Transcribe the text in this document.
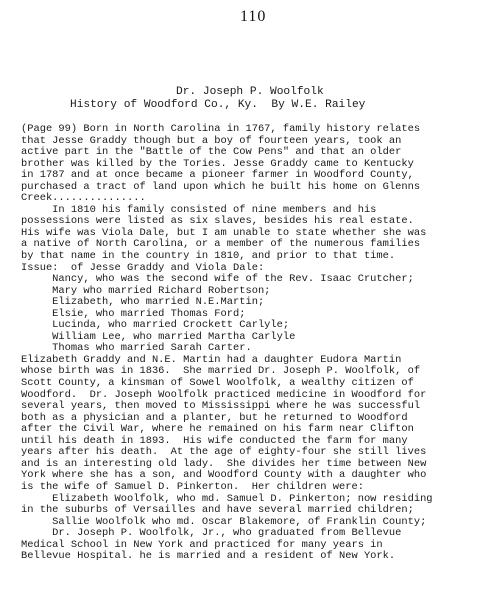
110
Dr. Joseph P. Woolfolk
History of Woodford Co., Ky.  By W.E. Railey
(Page 99) Born in North Carolina in 1767, family history relates
that Jesse Graddy though but a boy of fourteen years, took an
active part in the "Battle of the Cow Pens" and that an older
brother was killed by the Tories. Jesse Graddy came to Kentucky
in 1787 and at once became a pioneer farmer in Woodford County,
purchased a tract of land upon which he built his home on Glenns
Creek...............
In 1810 his family consisted of nine members and his
possessions were listed as six slaves, besides his real estate.
His wife was Viola Dale, but I am unable to state whether she was
a native of North Carolina, or a member of the numerous families
by that name in the country in 1810, and prior to that time.
Issue:  of Jesse Graddy and Viola Dale:
Nancy, who was the second wife of the Rev. Isaac Crutcher;
Mary who married Richard Robertson;
Elizabeth, who married N.E.Martin;
Elsie, who married Thomas Ford;
Lucinda, who married Crockett Carlyle;
William Lee, who married Martha Carlyle
Thomas who married Sarah Carter.
Elizabeth Graddy and N.E. Martin had a daughter Eudora Martin
whose birth was in 1836.  She married Dr. Joseph P. Woolfolk, of
Scott County, a kinsman of Sowel Woolfolk, a wealthy citizen of
Woodford.  Dr. Joseph Woolfolk practiced medicine in Woodford for
several years, then moved to Mississippi where he was successful
both as a physician and a planter, but he returned to Woodford
after the Civil War, where he remained on his farm near Clifton
until his death in 1893.  His wife conducted the farm for many
years after his death.  At the age of eighty-four she still lives
and is an interesting old lady.  She divides her time between New
York where she has a son, and Woodford County with a daughter who
is the wife of Samuel D. Pinkerton.  Her children were:
Elizabeth Woolfolk, who md. Samuel D. Pinkerton; now residing
in the suburbs of Versailles and have several married children;
Sallie Woolfolk who md. Oscar Blakemore, of Franklin County;
Dr. Joseph P. Woolfolk, Jr., who graduated from Bellevue
Medical School in New York and practiced for many years in
Bellevue Hospital. he is married and a resident of New York.
